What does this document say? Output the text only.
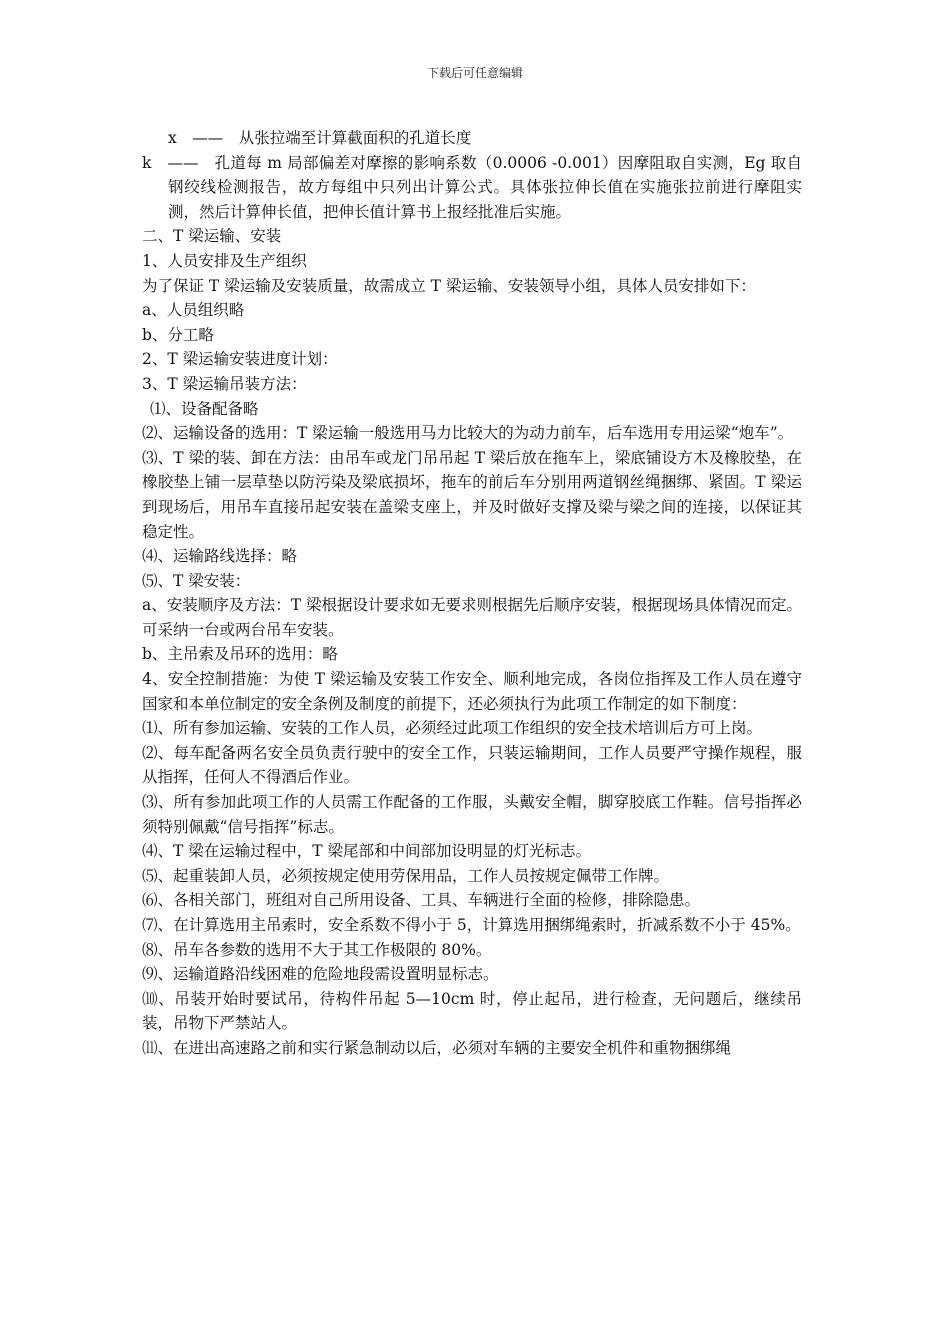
下载后可任意编辑

x　——　从张拉端至计算截面积的孔道长度

k　——　孔道每 m 局部偏差对摩擦的影响系数（0.0006 -0.001）因摩阻取自实测，Eg 取自钢绞线检测报告，故方每组中只列出计算公式。具体张拉伸长值在实施张拉前进行摩阻实测，然后计算伸长值，把伸长值计算书上报经批准后实施。

二、T 梁运输、安装

1、人员安排及生产组织

为了保证 T 梁运输及安装质量，故需成立 T 梁运输、安装领导小组，具体人员安排如下：

a、人员组织略

b、分工略

2、T 梁运输安装进度计划：

3、T 梁运输吊装方法：

⑴、设备配备略

⑵、运输设备的选用：T 梁运输一般选用马力比较大的为动力前车，后车选用专用运梁“炮车”。

⑶、T 梁的装、卸在方法：由吊车或龙门吊吊起 T 梁后放在拖车上，梁底铺设方木及橡胶垫，在橡胶垫上铺一层草垫以防污染及梁底损坏，拖车的前后车分别用两道钢丝绳捆绑、紧固。T 梁运到现场后，用吊车直接吊起安装在盖梁支座上，并及时做好支撑及梁与梁之间的连接，以保证其稳定性。

⑷、运输路线选择：略

⑸、T 梁安装：

a、安装顺序及方法：T 梁根据设计要求如无要求则根据先后顺序安装，根据现场具体情况而定。可采纳一台或两台吊车安装。

b、主吊索及吊环的选用：略

4、安全控制措施：为使 T 梁运输及安装工作安全、顺利地完成，各岗位指挥及工作人员在遵守国家和本单位制定的安全条例及制度的前提下，还必须执行为此项工作制定的如下制度：

⑴、所有参加运输、安装的工作人员，必须经过此项工作组织的安全技术培训后方可上岗。

⑵、每车配备两名安全员负责行驶中的安全工作，只装运输期间，工作人员要严守操作规程，服从指挥，任何人不得酒后作业。

⑶、所有参加此项工作的人员需工作配备的工作服，头戴安全帽，脚穿胶底工作鞋。信号指挥必须特别佩戴“信号指挥”标志。

⑷、T 梁在运输过程中，T 梁尾部和中间部加设明显的灯光标志。

⑸、起重装卸人员，必须按规定使用劳保用品，工作人员按规定佩带工作牌。

⑹、各相关部门，班组对自己所用设备、工具、车辆进行全面的检修，排除隐患。

⑺、在计算选用主吊索时，安全系数不得小于 5，计算选用捆绑绳索时，折减系数不小于 45%。

⑻、吊车各参数的选用不大于其工作极限的 80%。

⑼、运输道路沿线困难的危险地段需设置明显标志。

⑽、吊装开始时要试吊，待构件吊起 5—10cm 时，停止起吊，进行检查，无问题后，继续吊装，吊物下严禁站人。

⑾、在进出高速路之前和实行紧急制动以后，必须对车辆的主要安全机件和重物捆绑绳
